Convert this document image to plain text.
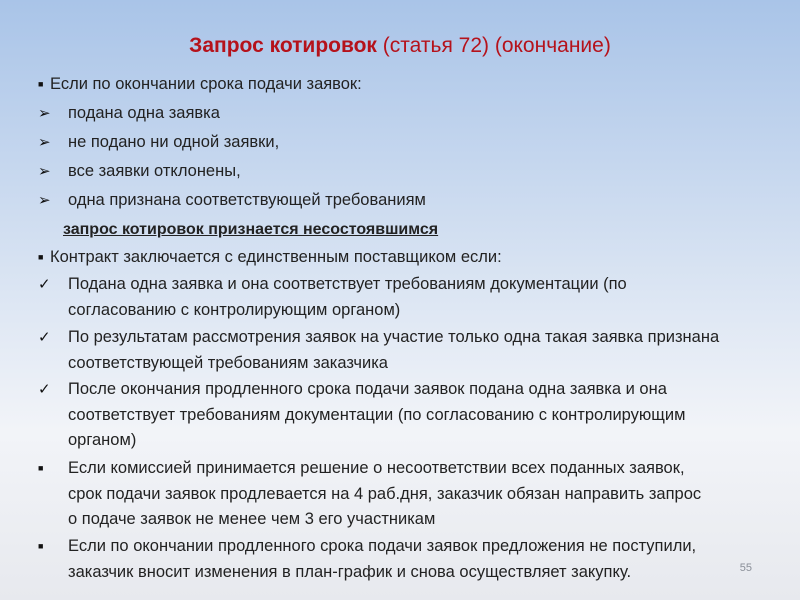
Запрос котировок (статья 72) (окончание)
■ Если по окончании срока подачи заявок:
➢ подана одна заявка
➢ не подано ни одной заявки,
➢ все заявки отклонены,
➢ одна признана соответствующей требованиям
запрос котировок признается несостоявшимся
■ Контракт заключается с единственным поставщиком если:
✓ Подана одна заявка и она соответствует требованиям документации (по
согласованию с контролирующим органом)
✓ По результатам рассмотрения заявок на участие только одна такая заявка признана
соответствующей требованиям заказчика
✓ После окончания продленного срока подачи заявок подана одна заявка и она
соответствует требованиям документации (по согласованию с контролирующим
органом)
■ Если комиссией принимается решение о несоответствии всех поданных заявок,
срок подачи заявок продлевается на 4 раб.дня, заказчик обязан направить запрос
о подаче заявок не менее чем 3 его участникам
■ Если по окончании продленного срока подачи заявок предложения не поступили,
заказчик вносит изменения в план-график и снова осуществляет закупку.	55
